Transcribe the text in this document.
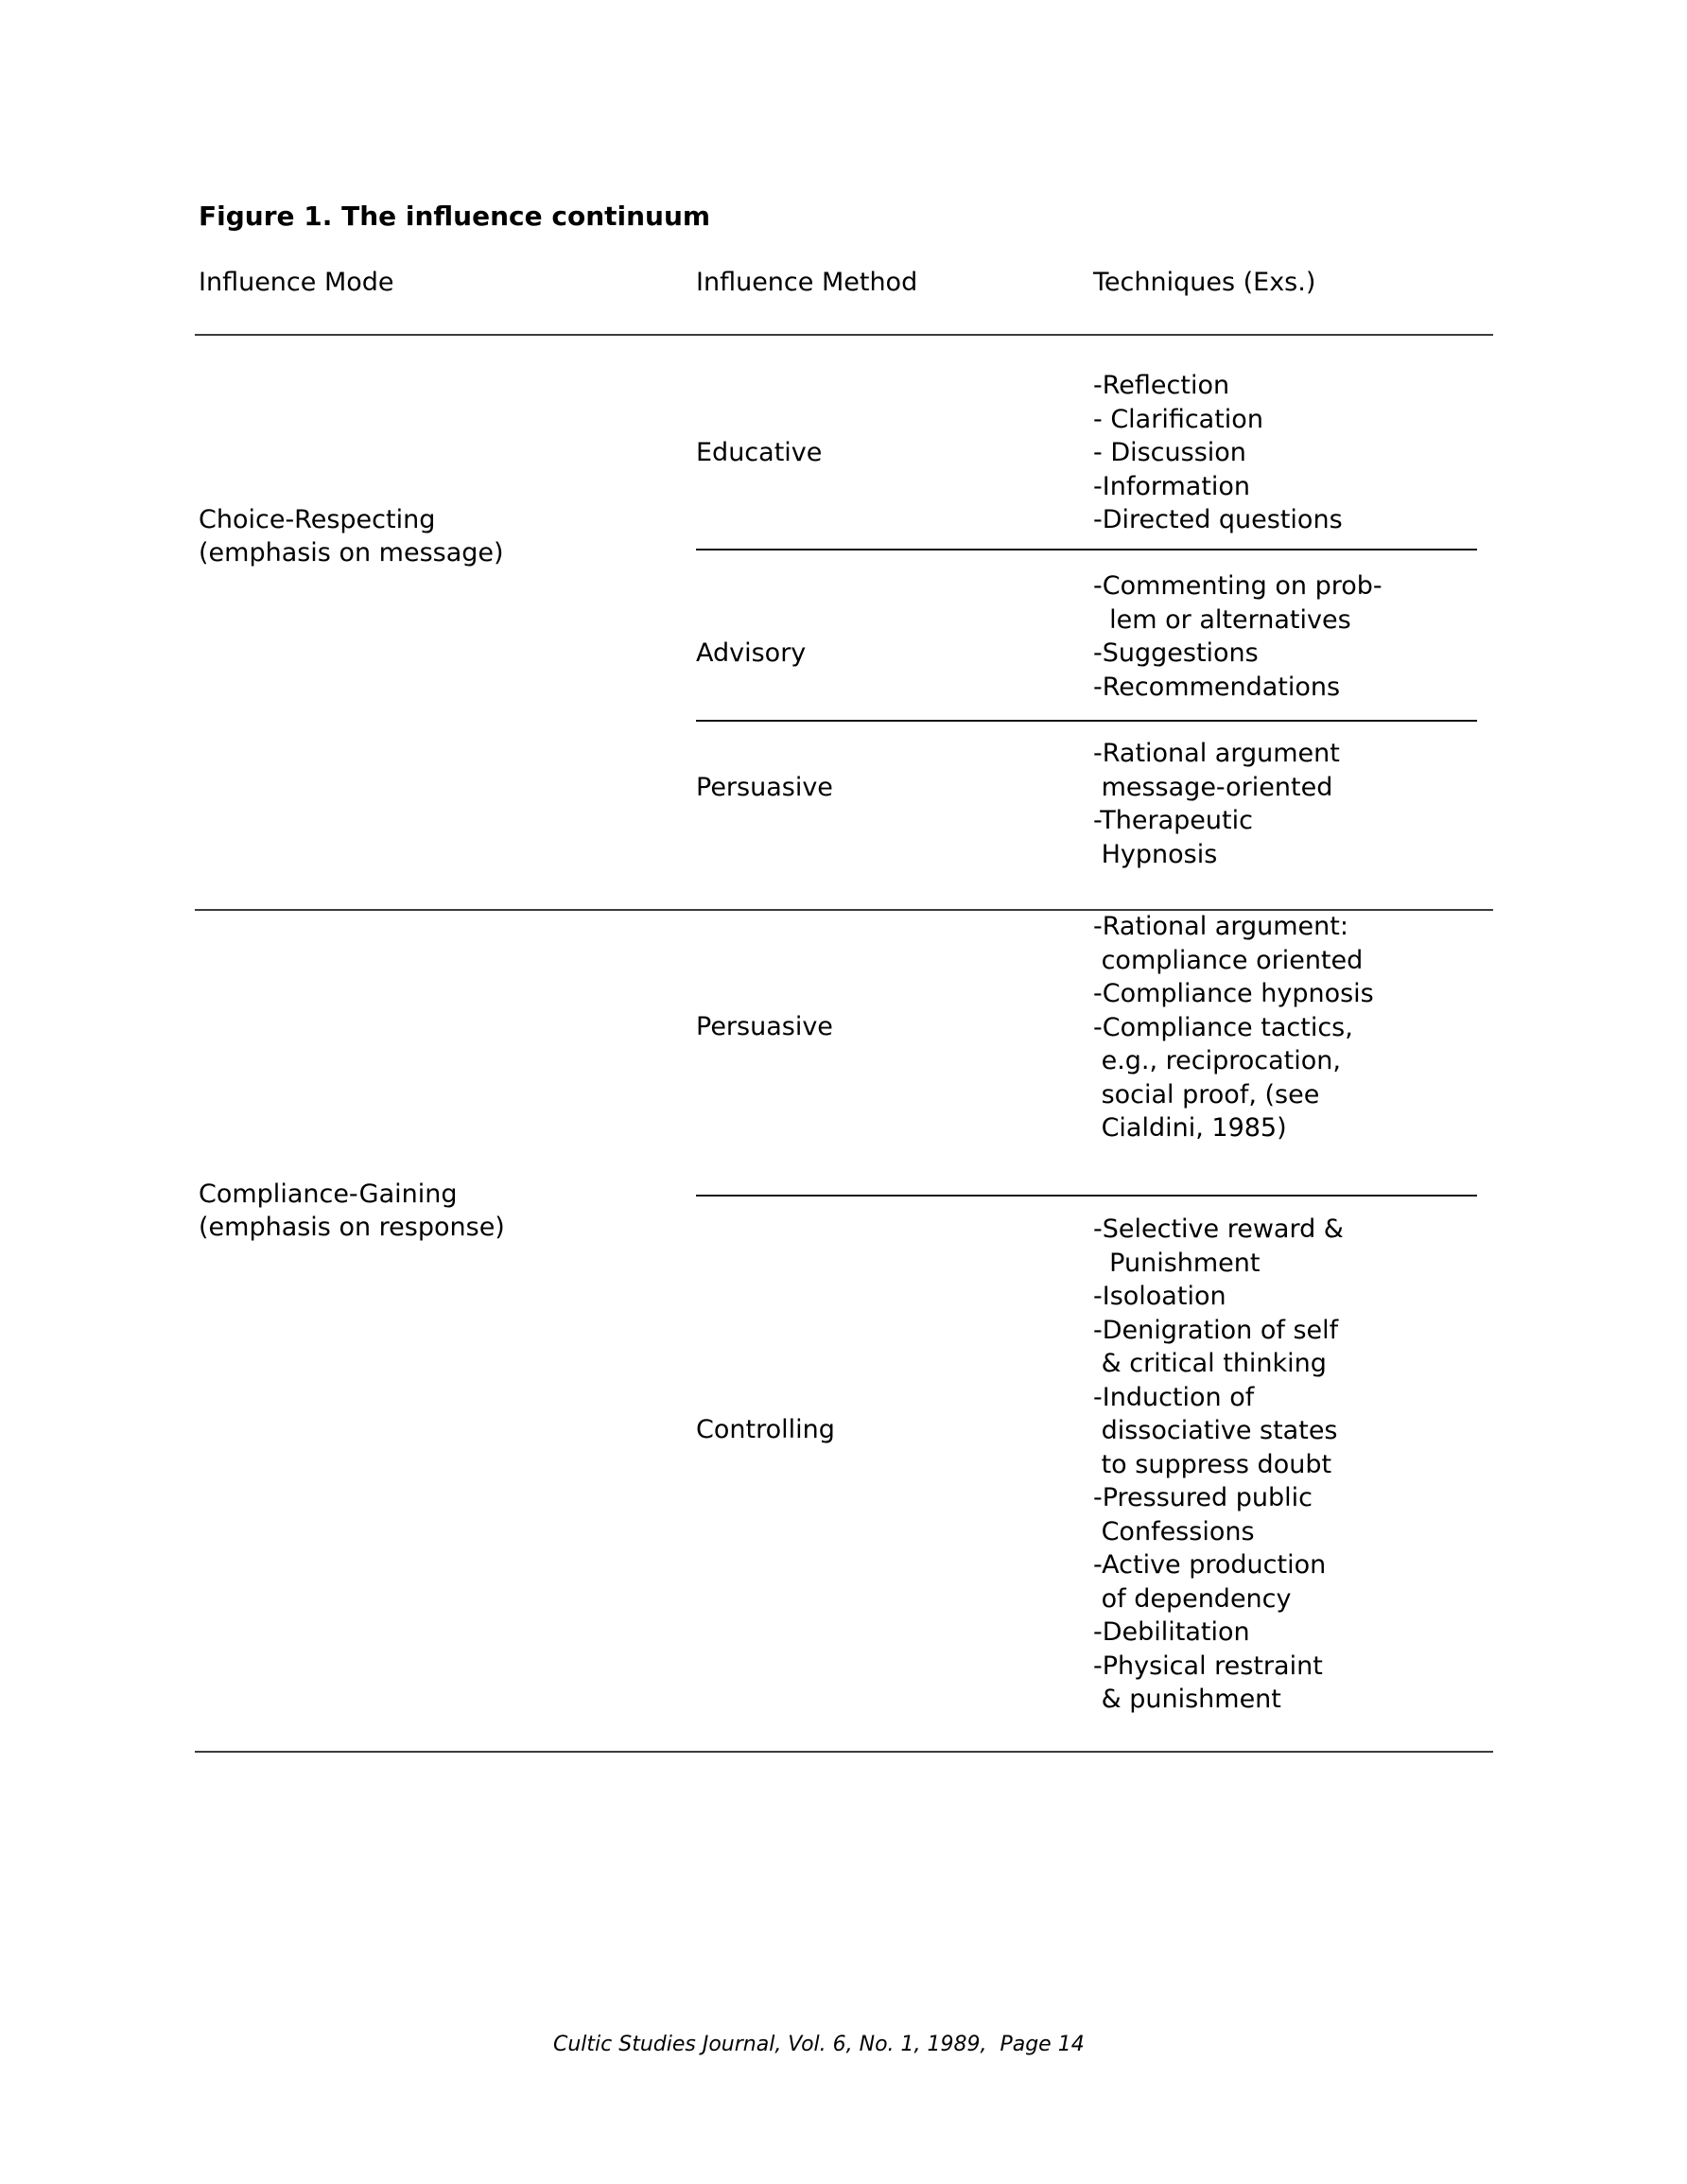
Figure 1. The influence continuum
Influence Mode	Influence Method	Techniques (Exs.)
Choice-Respecting
(emphasis on message)
Educative
-Reflection
- Clarification
- Discussion
-Information
-Directed questions
Advisory
-Commenting on prob-
lem or alternatives
-Suggestions
-Recommendations
Persuasive
-Rational argument
message-oriented
-Therapeutic
Hypnosis
Compliance-Gaining
(emphasis on response)
Persuasive
-Rational argument:
compliance oriented
-Compliance hypnosis
-Compliance tactics,
e.g., reciprocation,
social proof, (see
Cialdini, 1985)
Controlling
-Selective reward &
Punishment
-Isoloation
-Denigration of self
& critical thinking
-Induction of
dissociative states
to suppress doubt
-Pressured public
Confessions
-Active production
of dependency
-Debilitation
-Physical restraint
& punishment
Cultic Studies Journal, Vol. 6, No. 1, 1989,  Page 14
